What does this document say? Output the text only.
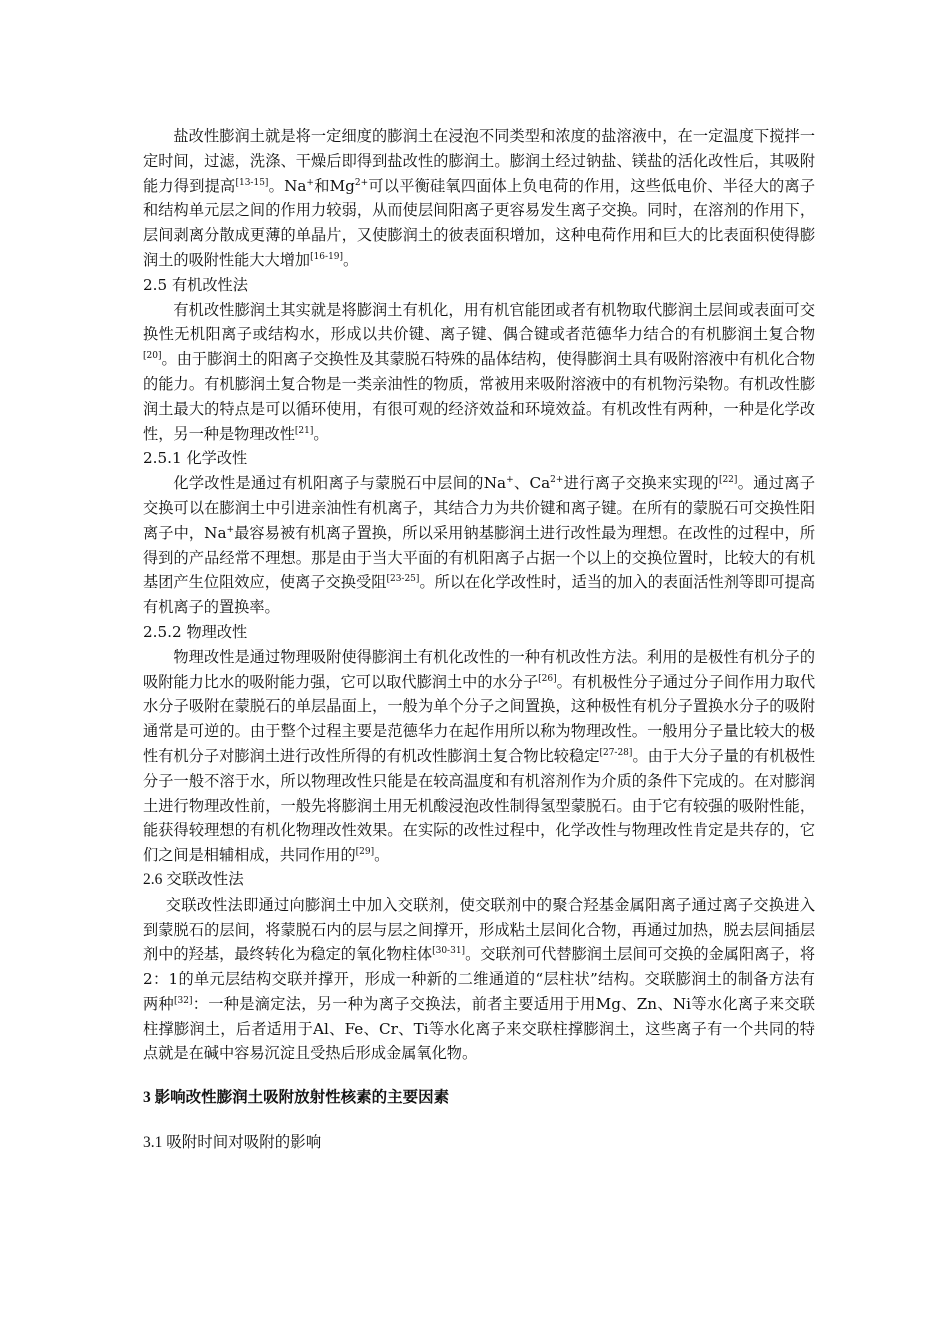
盐改性膨润土就是将一定细度的膨润土在浸泡不同类型和浓度的盐溶液中，在一定温度下搅拌一定时间，过滤，洗涤、干燥后即得到盐改性的膨润土。膨润土经过钠盐、镁盐的活化改性后，其吸附能力得到提高[13-15]。Na+和$Mg^{2+}$可以平衡硅氧四面体上负电荷的作用，这些低电价、半径大的离子和结构单元层之间的作用力较弱，从而使层间阳离子更容易发生离子交换。同时，在溶剂的作用下，层间剥离分散成更薄的单晶片，又使膨润土的彼表面积增加，这种电荷作用和巨大的比表面积使得膨润土的吸附性能大大增加[16-19]。

2.5 有机改性法

有机改性膨润土其实就是将膨润土有机化，用有机官能团或者有机物取代膨润土层间或表面可交换性无机阳离子或结构水，形成以共价键、离子键、偶合键或者范德华力结合的有机膨润土复合物[20]。由于膨润土的阳离子交换性及其蒙脱石特殊的晶体结构，使得膨润土具有吸附溶液中有机化合物的能力。有机膨润土复合物是一类亲油性的物质，常被用来吸附溶液中的有机物污染物。有机改性膨润土最大的特点是可以循环使用，有很可观的经济效益和环境效益。有机改性有两种，一种是化学改性，另一种是物理改性[21]。

2.5.1 化学改性

化学改性是通过有机阳离子与蒙脱石中层间的Na+、$Ca^{2+}$进行离子交换来实现的[22]。通过离子交换可以在膨润土中引进亲油性有机离子，其结合力为共价键和离子键。在所有的蒙脱石可交换性阳离子中，Na+最容易被有机离子置换，所以采用钠基膨润土进行改性最为理想。在改性的过程中，所得到的产品经常不理想。那是由于当大平面的有机阳离子占据一个以上的交换位置时，比较大的有机基团产生位阻效应，使离子交换受阻[23-25]。所以在化学改性时，适当的加入的表面活性剂等即可提高有机离子的置换率。

2.5.2 物理改性

物理改性是通过物理吸附使得膨润土有机化改性的一种有机改性方法。利用的是极性有机分子的吸附能力比水的吸附能力强，它可以取代膨润土中的水分子[26]。有机极性分子通过分子间作用力取代水分子吸附在蒙脱石的单层晶面上，一般为单个分子之间置换，这种极性有机分子置换水分子的吸附通常是可逆的。由于整个过程主要是范德华力在起作用所以称为物理改性。一般用分子量比较大的极性有机分子对膨润土进行改性所得的有机改性膨润土复合物比较稳定[27-28]。由于大分子量的有机极性分子一般不溶于水，所以物理改性只能是在较高温度和有机溶剂作为介质的条件下完成的。在对膨润土进行物理改性前，一般先将膨润土用无机酸浸泡改性制得氢型蒙脱石。由于它有较强的吸附性能，能获得较理想的有机化物理改性效果。在实际的改性过程中，化学改性与物理改性肯定是共存的，它们之间是相辅相成，共同作用的[29]。

2.6 交联改性法

交联改性法即通过向膨润土中加入交联剂，使交联剂中的聚合羟基金属阳离子通过离子交换进入到蒙脱石的层间，将蒙脱石内的层与层之间撑开，形成粘土层间化合物，再通过加热，脱去层间插层剂中的羟基，最终转化为稳定的氧化物柱体[30-31]。交联剂可代替膨润土层间可交换的金属阳离子，将2：1的单元层结构交联并撑开，形成一种新的二维通道的“层柱状”结构。交联膨润土的制备方法有两种[32]：一种是滴定法，另一种为离子交换法，前者主要适用于用Mg、Zn、Ni等水化离子来交联柱撑膨润土，后者适用于Al、Fe、Cr、Ti等水化离子来交联柱撑膨润土，这些离子有一个共同的特点就是在碱中容易沉淀且受热后形成金属氧化物。

3 影响改性膨润土吸附放射性核素的主要因素

3.1 吸附时间对吸附的影响
